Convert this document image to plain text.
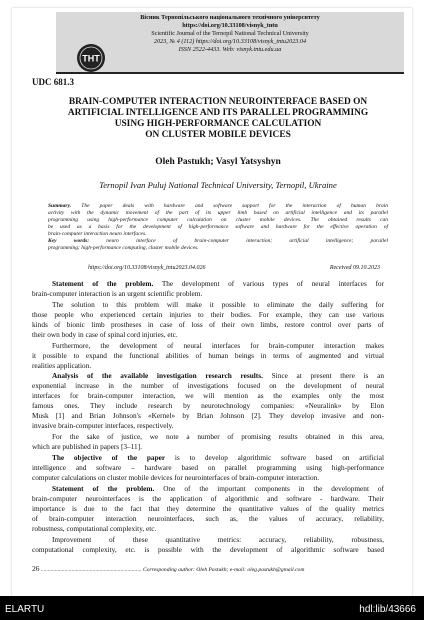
ТНТ
Вісник Тернопільського національного технічного університету
https://doi.org/10.33108/visnyk_tntu
Scientific Journal of the Ternopil National Technical University
2023, № 4 (112) https://doi.org/10.33108/visnyk_tntu2023.04
ISSN 2522-4433. Web: visnyk.tntu.edu.ua
UDC 681.3
BRAIN-COMPUTER INTERACTION NEUROINTERFACE BASED ON
ARTIFICIAL INTELLIGENCE AND ITS PARALLEL PROGRAMMING
USING HIGH-PERFORMANCE CALCULATION
ON CLUSTER MOBILE DEVICES
Oleh Pastukh; Vasyl Yatsyshyn
Ternopil Ivan Puluj National Technical University, Ternopil, Ukraine
Summary. The paper deals with hardware and software support for the interaction of human brain
activity with the dynamic movement of the part of its upper limb based on artificial intelligence and its parallel
programming using high-performance computer calculation on cluster mobile devices. The obtained results can
be used as a basis for the development of high-performance software and hardware for the effective operation of
brain-computer interaction neuro interfaces.
Key words: neuro interface of brain-computer interaction; artificial intelligence; parallel
programming; high-performance computing, cluster mobile devices.
https://doi.org/10.33108/visnyk_tntu2023.04.026	Received 09.10.2023
Statement of the problem. The development of various types of neural interfaces for
brain-computer interaction is an urgent scientific problem.
The solution to this problem will make it possible to eliminate the daily suffering for
those people who experienced certain injuries to their bodies. For example, they can use various
kinds of bionic limb prostheses in case of loss of their own limbs, restore control over parts of
their own body in case of spinal cord injuries, etc.
Furthermore, the development of neural interfaces for brain-computer interaction makes
it possible to expand the functional abilities of human beings in terms of augmented and virtual
realities application.
Analysis of the available investigation research results. Since at present there is an
exponential increase in the number of investigations focused on the development of neural
interfaces for brain-computer interaction, we will mention as the examples only the most
famous ones. They include research by neurotechnology companies: «Neuralink» by Elon
Musk [1] and Brian Johnson's «Kernel» by Brian Johnson [2]. They develop invasive and non-
invasive brain-computer interfaces, respectively.
For the sake of justice, we note a number of promising results obtained in this area,
which are published in papers [3–11].
The objective of the paper is to develop algorithmic software based on artificial
intelligence and software – hardware based on parallel programming using high-performance
computer calculations on cluster mobile devices for neurointerfaces of brain-computer interaction.
Statement of the problem. One of the important components in the development of
brain-computer neurointerfaces is the application of algorithmic and software - hardware. Their
importance is due to the fact that they determine the quantitative values of the quality metrics
of brain-computer interaction neurointerfaces, such as, the values of accuracy, reliability,
robustness, computational complexity, etc.
Improvement of these quantitative metrics: accuracy, reliability, robustness,
computational complexity, etc. is possible with the development of algorithmic software based
26 ........................................................................ Corresponding author: Oleh Pastukh; e-mail: oleg.pastukh@gmail.com
ELARTU	hdl:lib/43666
